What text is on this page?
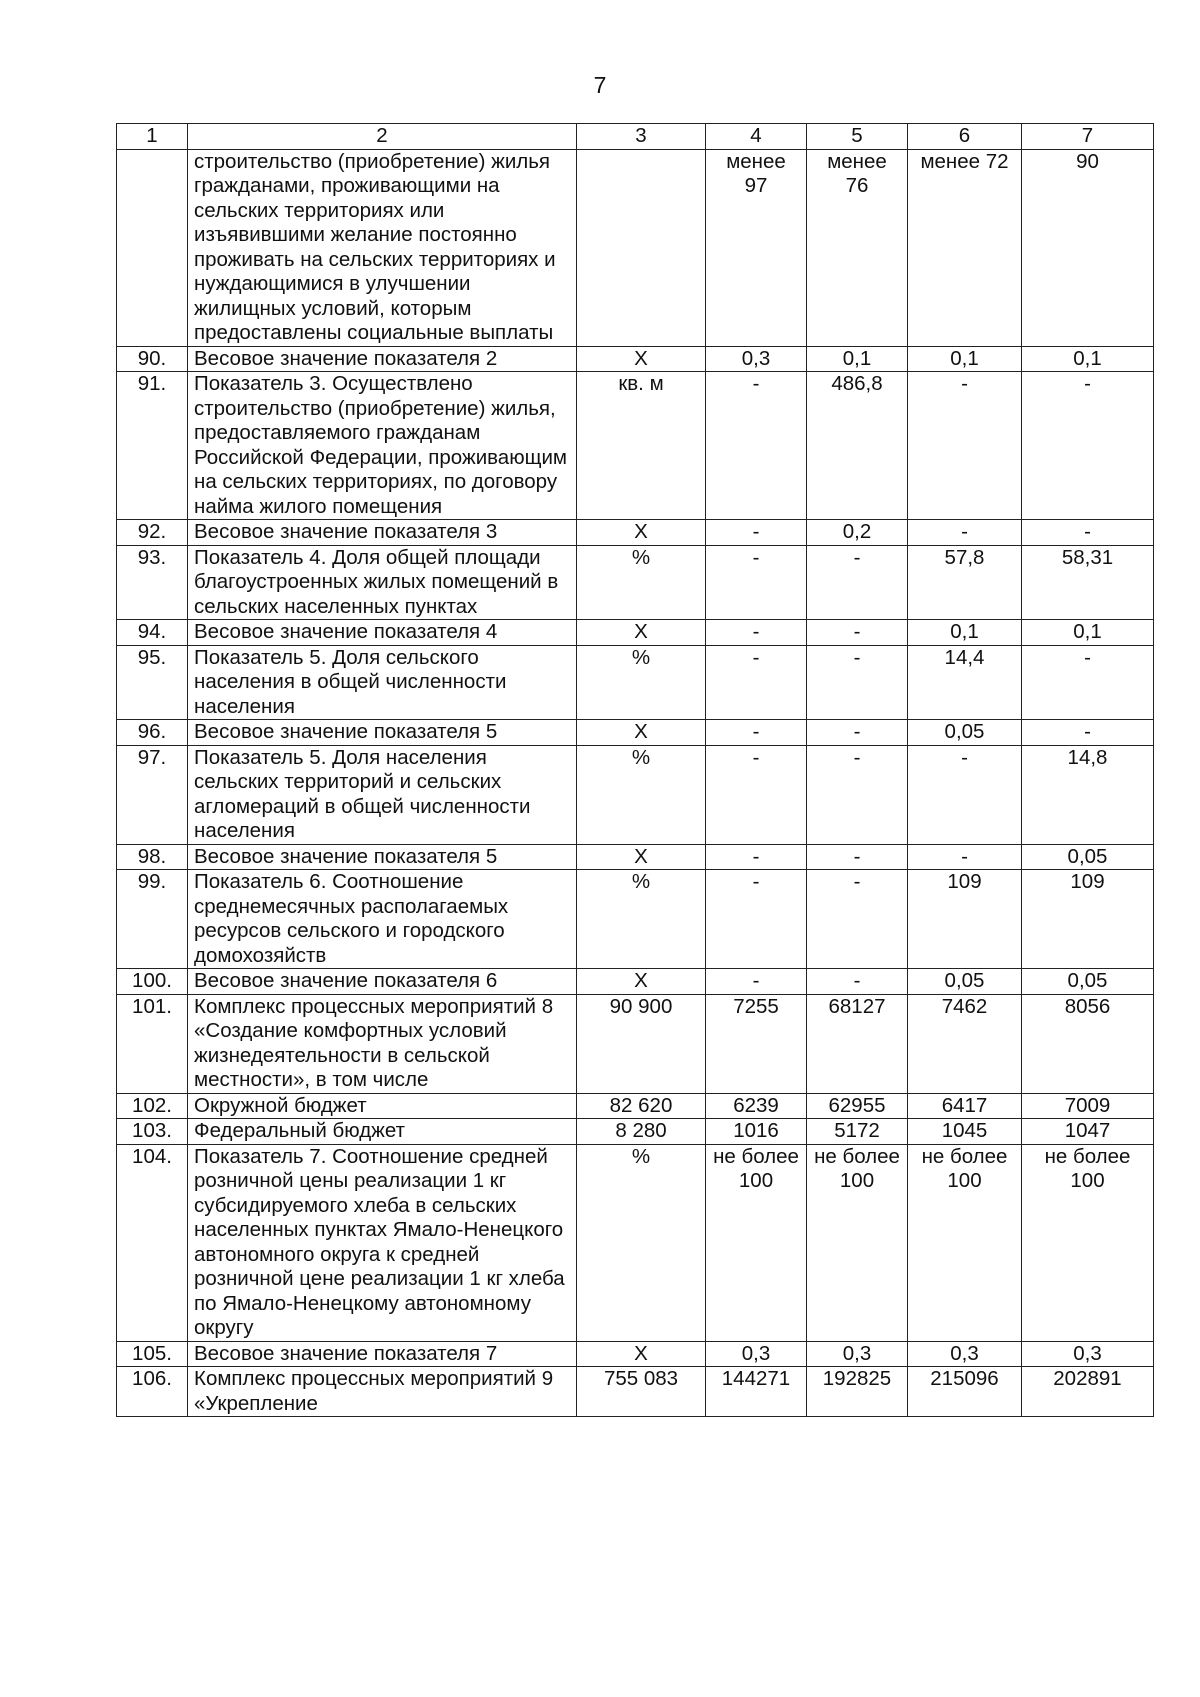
7
1	2	3	4	5	6	7
	строительство (приобретение) жилья гражданами, проживающими на сельских территориях или изъявившими желание постоянно проживать на сельских территориях и нуждающимися в улучшении жилищных условий, которым предоставлены социальные выплаты		менее 97	менее 76	менее 72	90
90.	Весовое значение показателя 2	Х	0,3	0,1	0,1	0,1
91.	Показатель 3. Осуществлено строительство (приобретение) жилья, предоставляемого гражданам Российской Федерации, проживающим на сельских территориях, по договору найма жилого помещения	кв. м	-	486,8	-	-
92.	Весовое значение показателя 3	Х	-	0,2	-	-
93.	Показатель 4. Доля общей площади благоустроенных жилых помещений в сельских населенных пунктах	%	-	-	57,8	58,31
94.	Весовое значение показателя 4	Х	-	-	0,1	0,1
95.	Показатель 5. Доля сельского населения в общей численности населения	%	-	-	14,4	-
96.	Весовое значение показателя 5	Х	-	-	0,05	-
97.	Показатель 5. Доля населения сельских территорий и сельских агломераций в общей численности населения	%	-	-	-	14,8
98.	Весовое значение показателя 5	Х	-	-	-	0,05
99.	Показатель 6. Соотношение среднемесячных располагаемых ресурсов сельского и городского домохозяйств	%	-	-	109	109
100.	Весовое значение показателя 6	Х	-	-	0,05	0,05
101.	Комплекс процессных мероприятий 8 «Создание комфортных условий жизнедеятельности в сельской местности», в том числе	90 900	7255	68127	7462	8056
102.	Окружной бюджет	82 620	6239	62955	6417	7009
103.	Федеральный бюджет	8 280	1016	5172	1045	1047
104.	Показатель 7. Соотношение средней розничной цены реализации 1 кг субсидируемого хлеба в сельских населенных пунктах Ямало-Ненецкого автономного округа к средней розничной цене реализации 1 кг хлеба по Ямало-Ненецкому автономному округу	%	не более 100	не более 100	не более 100	не более 100
105.	Весовое значение показателя 7	Х	0,3	0,3	0,3	0,3
106.	Комплекс процессных мероприятий 9 «Укрепление	755 083	144271	192825	215096	202891
